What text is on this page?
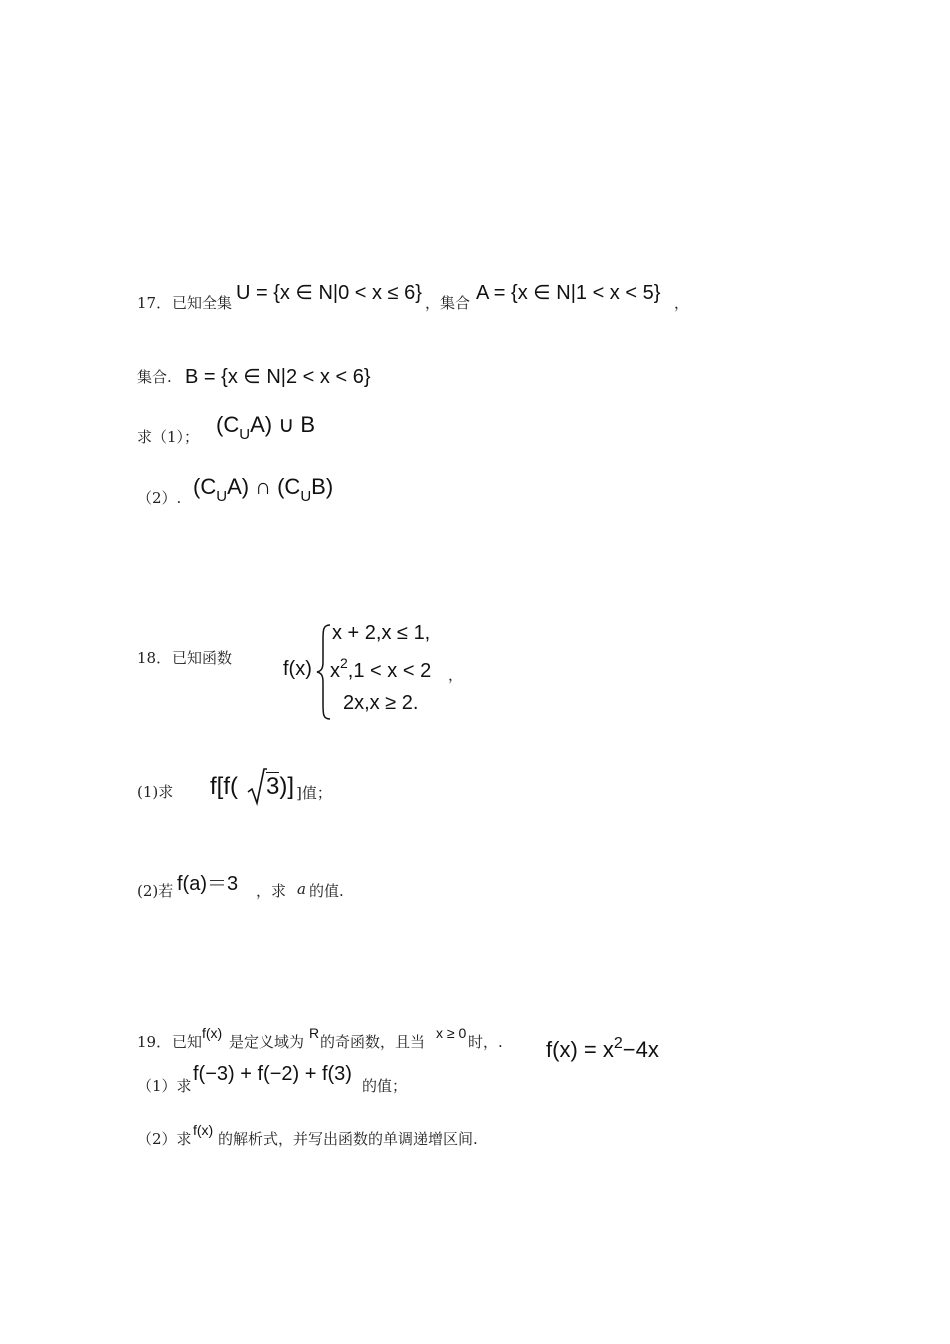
17． 已知全集 U = {x ∈ N|0 < x ≤ 6} ，集合 A = {x ∈ N|1 < x < 5} ，
集合. B = {x ∈ N|2 < x < 6}
求（1）； $(C_UA)$ ∪ B
（2）. $(C_UA)$ ∩ $(C_UB)$
18． 已知函数	f(x)
x + 2,x ≤ 1,
$x^2,1 < x < 2$ ，
2x,x ≥ 2.
(1)求 f[f( 3)] ]值；
(2)若 f(a)＝3 ，求 a 的值.
19． 已知 f(x) 是定义域为 R 的奇函数，且当 x ≥ 0 时，. $f(x) = x^2-4x$
（1）求
f(−3) + f(−2) + f(3)
的值；
（2）求 f(x) 的解析式，并写出函数的单调递增区间.
